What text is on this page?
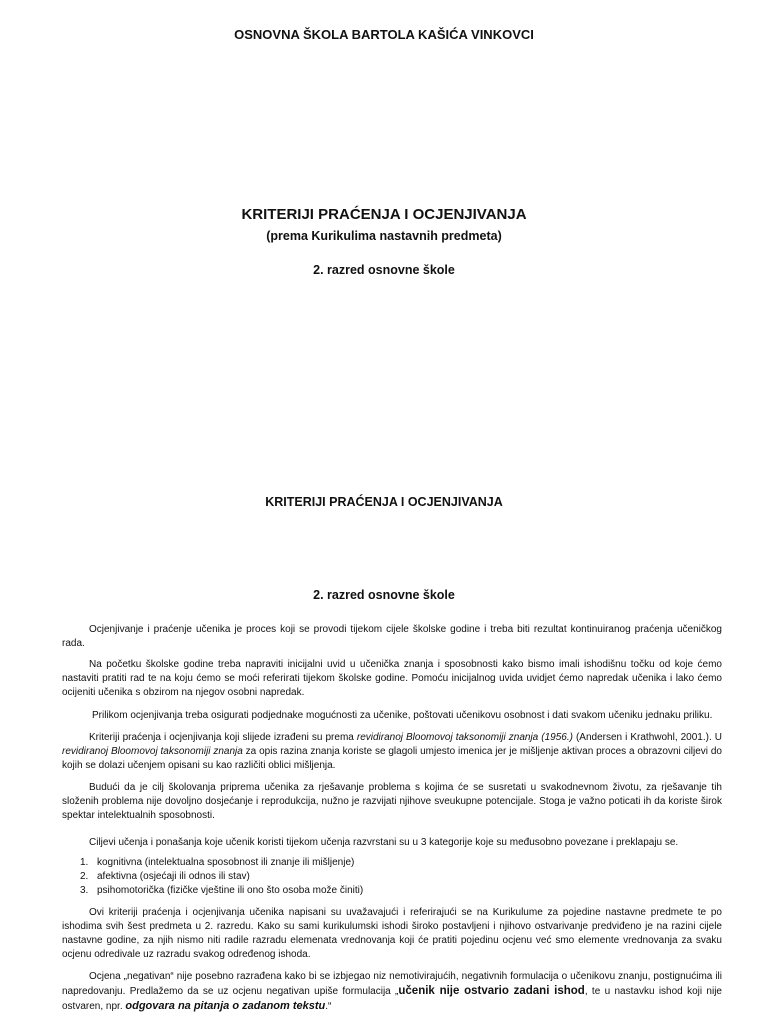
OSNOVNA ŠKOLA BARTOLA KAŠIĆA VINKOVCI
KRITERIJI PRAĆENJA I OCJENJIVANJA
(prema Kurikulima nastavnih predmeta)
2. razred osnovne škole
KRITERIJI PRAĆENJA I OCJENJIVANJA
2. razred osnovne škole

Ocjenjivanje i praćenje učenika je proces koji se provodi tijekom cijele školske godine i treba biti rezultat kontinuiranog praćenja učeničkog rada.

Na početku školske godine treba napraviti inicijalni uvid u učenička znanja i sposobnosti kako bismo imali ishodišnu točku od koje ćemo nastaviti pratiti rad te na koju ćemo se moći referirati tijekom školske godine. Pomoću inicijalnog uvida uvidjet ćemo napredak učenika i lako ćemo ocijeniti učenika s obzirom na njegov osobni napredak.

Prilikom ocjenjivanja treba osigurati podjednake mogućnosti za učenike, poštovati učenikovu osobnost i dati svakom učeniku jednaku priliku.

Kriteriji praćenja i ocjenjivanja koji slijede izrađeni su prema revidiranoj Bloomovoj taksonomiji znanja (1956.) (Andersen i Krathwohl, 2001.). U revidiranoj Bloomovoj taksonomiji znanja za opis razina znanja koriste se glagoli umjesto imenica jer je mišljenje aktivan proces a obrazovni ciljevi do kojih se dolazi učenjem opisani su kao različiti oblici mišljenja.

Budući da je cilj školovanja priprema učenika za rješavanje problema s kojima će se susretati u svakodnevnom životu, za rješavanje tih složenih problema nije dovoljno dosjećanje i reprodukcija, nužno je razvijati njihove sveukupne potencijale. Stoga je važno poticati ih da koriste širok spektar intelektualnih sposobnosti.

Ciljevi učenja i ponašanja koje učenik koristi tijekom učenja razvrstani su u 3 kategorije koje su međusobno povezane i preklapaju se.

1. kognitivna (intelektualna sposobnost ili znanje ili mišljenje)
2. afektivna (osjećaji ili odnos ili stav)
3. psihomotorička (fizičke vještine ili ono što osoba može činiti)

Ovi kriteriji praćenja i ocjenjivanja učenika napisani su uvažavajući i referirajući se na Kurikulume za pojedine nastavne predmete te po ishodima svih šest predmeta u 2. razredu. Kako su sami kurikulumski ishodi široko postavljeni i njihovo ostvarivanje predviđeno je na razini cijele nastavne godine, za njih nismo niti radile razradu elemenata vrednovanja koji će pratiti pojedinu ocjenu već smo elemente vrednovanja za svaku ocjenu odredivale uz razradu svakog određenog ishoda.

Ocjena „negativan“ nije posebno razrađena kako bi se izbjegao niz nemotivirajućih, negativnih formulacija o učenikovu znanju, postignućima ili napredovanju. Predlažemo da se uz ocjenu negativan upiše formulacija „učenik nije ostvario zadani ishod, te u nastavku ishod koji nije ostvaren, npr. odgovara na pitanja o zadanom tekstu.“
